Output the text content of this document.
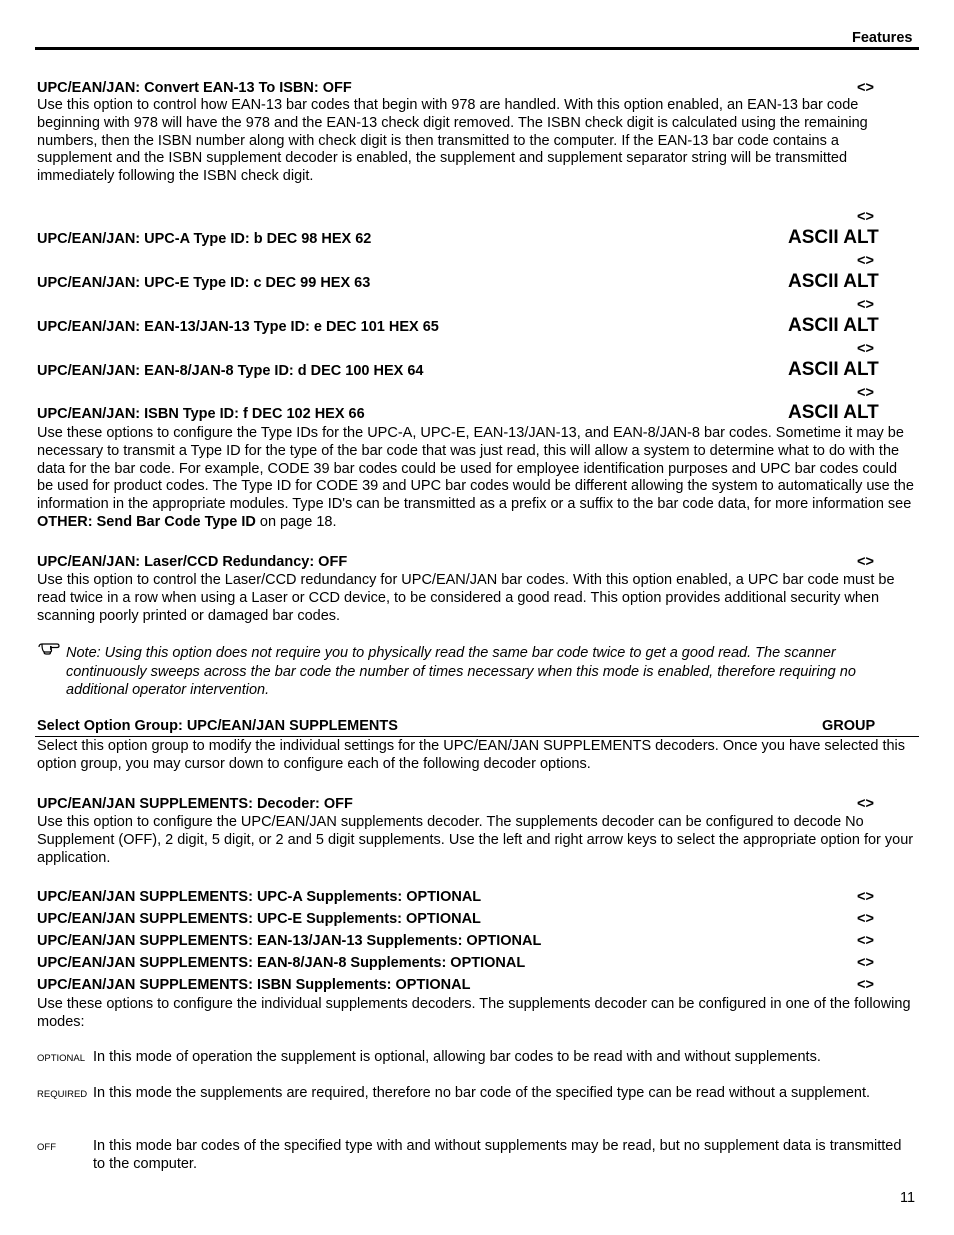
Features
UPC/EAN/JAN: Convert EAN-13 To ISBN: OFF	<>
Use this option to control how EAN-13 bar codes that begin with 978 are handled. With this option enabled, an EAN-13 bar code beginning with 978 will have the 978 and the EAN-13 check digit removed. The ISBN check digit is calculated using the remaining numbers, then the ISBN number along with check digit is then transmitted to the computer. If the EAN-13 bar code contains a supplement and the ISBN supplement decoder is enabled, the supplement and supplement separator string will be transmitted immediately following the ISBN check digit.
<>
UPC/EAN/JAN: UPC-A Type ID: b DEC 98 HEX 62	ASCII ALT
<>
UPC/EAN/JAN: UPC-E Type ID: c DEC 99 HEX 63	ASCII ALT
<>
UPC/EAN/JAN: EAN-13/JAN-13 Type ID: e DEC 101 HEX 65	ASCII ALT
<>
UPC/EAN/JAN: EAN-8/JAN-8 Type ID: d DEC 100 HEX 64	ASCII ALT
<>
UPC/EAN/JAN: ISBN Type ID: f DEC 102 HEX 66	ASCII ALT
Use these options to configure the Type IDs for the UPC-A, UPC-E, EAN-13/JAN-13, and EAN-8/JAN-8 bar codes. Sometime it may be necessary to transmit a Type ID for the type of the bar code that was just read, this will allow a system to determine what to do with the data for the bar code. For example, CODE 39 bar codes could be used for employee identification purposes and UPC bar codes could be used for product codes. The Type ID for CODE 39 and UPC bar codes would be different allowing the system to automatically use the information in the appropriate modules. Type ID's can be transmitted as a prefix or a suffix to the bar code data, for more information see OTHER: Send Bar Code Type ID on page 18.
UPC/EAN/JAN: Laser/CCD Redundancy: OFF	<>
Use this option to control the Laser/CCD redundancy for UPC/EAN/JAN bar codes. With this option enabled, a UPC bar code must be read twice in a row when using a Laser or CCD device, to be considered a good read. This option provides additional security when scanning poorly printed or damaged bar codes.
Note: Using this option does not require you to physically read the same bar code twice to get a good read. The scanner continuously sweeps across the bar code the number of times necessary when this mode is enabled, therefore requiring no additional operator intervention.
Select Option Group: UPC/EAN/JAN SUPPLEMENTS	GROUP
Select this option group to modify the individual settings for the UPC/EAN/JAN SUPPLEMENTS decoders. Once you have selected this option group, you may cursor down to configure each of the following decoder options.
UPC/EAN/JAN SUPPLEMENTS: Decoder: OFF	<>
Use this option to configure the UPC/EAN/JAN supplements decoder. The supplements decoder can be configured to decode No Supplement (OFF), 2 digit, 5 digit, or 2 and 5 digit supplements. Use the left and right arrow keys to select the appropriate option for your application.
UPC/EAN/JAN SUPPLEMENTS: UPC-A Supplements: OPTIONAL	<>
UPC/EAN/JAN SUPPLEMENTS: UPC-E Supplements: OPTIONAL	<>
UPC/EAN/JAN SUPPLEMENTS: EAN-13/JAN-13 Supplements: OPTIONAL	<>
UPC/EAN/JAN SUPPLEMENTS: EAN-8/JAN-8 Supplements: OPTIONAL	<>
UPC/EAN/JAN SUPPLEMENTS: ISBN Supplements: OPTIONAL	<>
Use these options to configure the individual supplements decoders. The supplements decoder can be configured in one of the following modes:
OPTIONAL In this mode of operation the supplement is optional, allowing bar codes to be read with and without supplements.
REQUIRED In this mode the supplements are required, therefore no bar code of the specified type can be read without a supplement.
OFF	In this mode bar codes of the specified type with and without supplements may be read, but no supplement data is transmitted to the computer.
11
